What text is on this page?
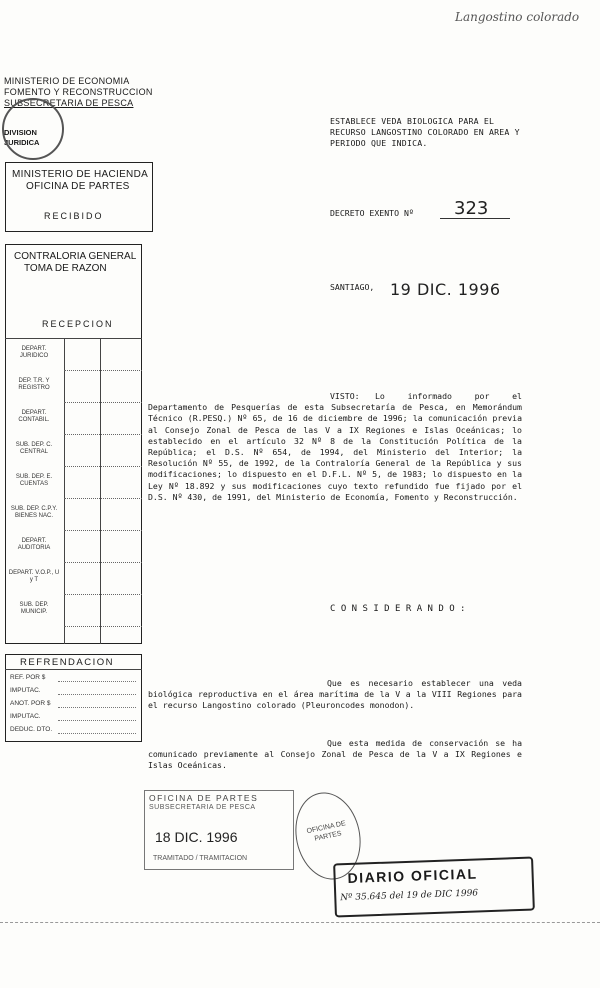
Langostino colorado
MINISTERIO DE ECONOMIA
FOMENTO Y RECONSTRUCCION
SUBSECRETARIA DE PESCA
DIVISION
JURIDICA
MINISTERIO DE HACIENDA
OFICINA DE PARTES
RECIBIDO
CONTRALORIA GENERAL
TOMA DE RAZON
RECEPCION
DEPART. JURIDICO
DEP. T.R. Y REGISTRO
DEPART. CONTABIL.
SUB. DEP. C. CENTRAL
SUB. DEP. E. CUENTAS
SUB. DEP. C.P.Y. BIENES NAC.
DEPART. AUDITORIA
DEPART. V.O.P., U y T
SUB. DEP. MUNICIP.
REFRENDACION
REF. POR $
IMPUTAC.
ANOT. POR $
IMPUTAC.
DEDUC. DTO.
ESTABLECE VEDA BIOLOGICA PARA EL RECURSO LANGOSTINO COLORADO EN AREA Y PERIODO QUE INDICA.
DECRETO EXENTO Nº 323
SANTIAGO, 19 DIC. 1996
VISTO:	Lo informado por el Departamento de Pesquerías de esta Subsecretaría de Pesca, en Memorándum Técnico (R.PESQ.) Nº 65, de 16 de diciembre de 1996; la comunicación previa al Consejo Zonal de Pesca de las V a IX Regiones e Islas Oceánicas; lo establecido en el artículo 32 Nº 8 de la Constitución Política de la República; el D.S. Nº 654, de 1994, del Ministerio del Interior; la Resolución Nº 55, de 1992, de la Contraloría General de la República y sus modificaciones; lo dispuesto en el D.F.L. Nº 5, de 1983; lo dispuesto en la Ley Nº 18.892 y sus modificaciones cuyo texto refundido fue fijado por el D.S. Nº 430, de 1991, del Ministerio de Economía, Fomento y Reconstrucción.
C O N S I D E R A N D O :
Que es necesario establecer una veda biológica reproductiva en el área marítima de la V a la VIII Regiones para el recurso Langostino colorado (Pleuroncodes monodon).
Que esta medida de conservación se ha comunicado previamente al Consejo Zonal de Pesca de la V a IX Regiones e Islas Oceánicas.
OFICINA DE PARTES
SUBSECRETARIA DE PESCA
18 DIC. 1996
TRAMITADO / TRAMITACION
OFICINA DE PARTES
DIARIO OFICIAL
Nº 35.645 del 19 de DIC 1996
